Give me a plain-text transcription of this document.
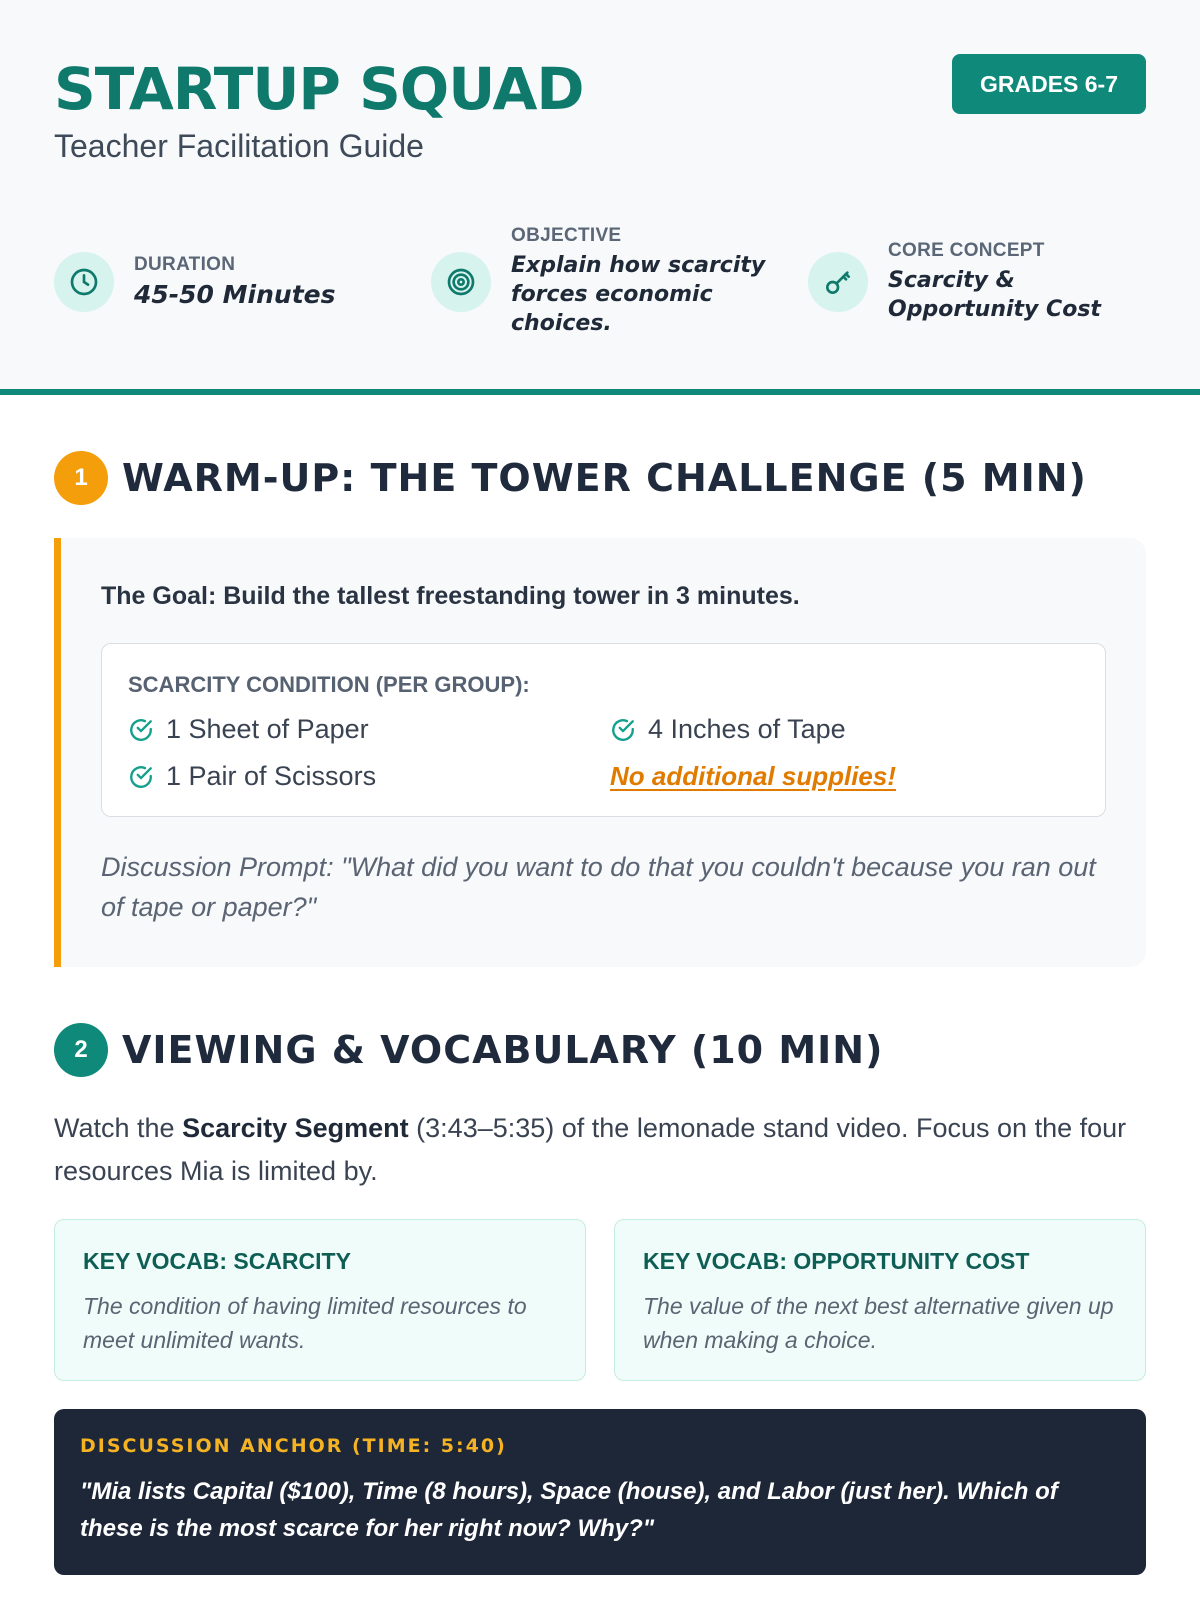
STARTUP SQUAD
Teacher Facilitation Guide
GRADES 6-7
DURATION
45-50 Minutes
OBJECTIVE
Explain how scarcity forces economic choices.
CORE CONCEPT
Scarcity & Opportunity Cost
1 WARM-UP: THE TOWER CHALLENGE (5 MIN)
The Goal: Build the tallest freestanding tower in 3 minutes.
SCARCITY CONDITION (PER GROUP):
1 Sheet of Paper	4 Inches of Tape
1 Pair of Scissors	No additional supplies!
Discussion Prompt: "What did you want to do that you couldn't because you ran out of tape or paper?"
2 VIEWING & VOCABULARY (10 MIN)
Watch the Scarcity Segment (3:43–5:35) of the lemonade stand video. Focus on the four resources Mia is limited by.
KEY VOCAB: SCARCITY
The condition of having limited resources to meet unlimited wants.
KEY VOCAB: OPPORTUNITY COST
The value of the next best alternative given up when making a choice.
DISCUSSION ANCHOR (TIME: 5:40)
"Mia lists Capital ($100), Time (8 hours), Space (house), and Labor (just her). Which of these is the most scarce for her right now? Why?"
